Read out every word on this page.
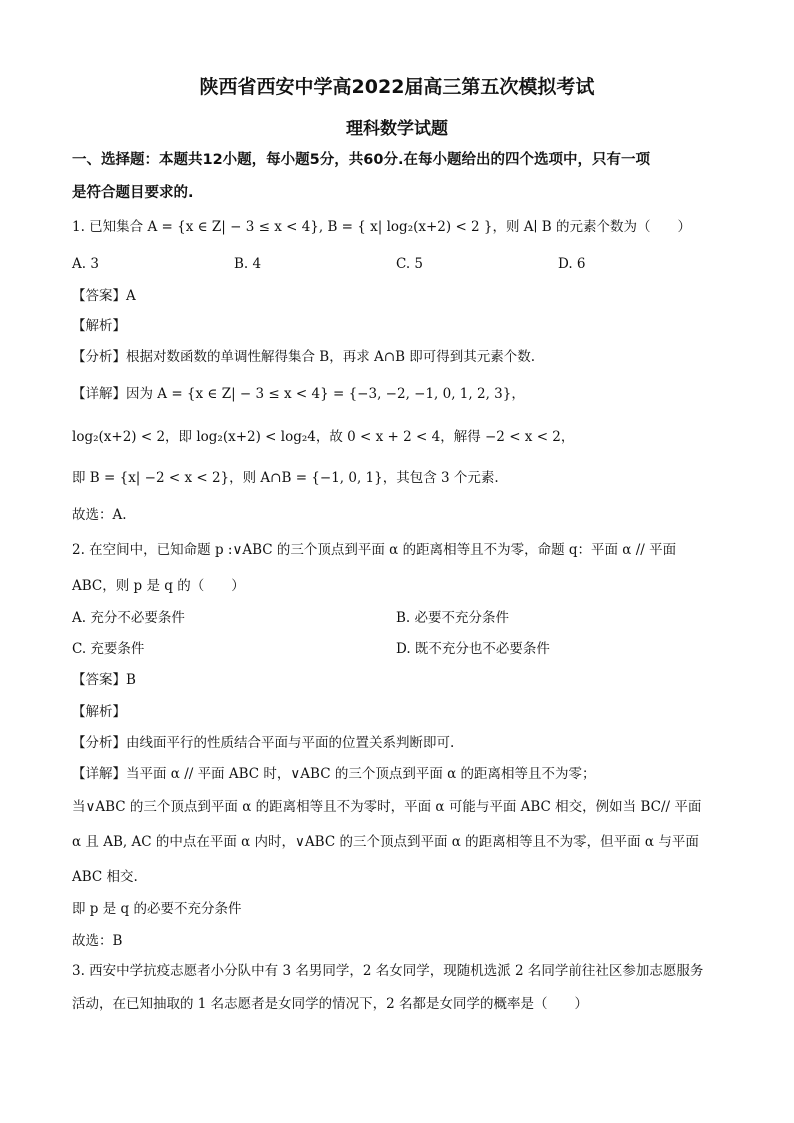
陕西省西安中学高2022届高三第五次模拟考试
理科数学试题
一、选择题：本题共12小题，每小题5分，共60分.在每小题给出的四个选项中，只有一项
是符合题目要求的.
1. 已知集合 A = {x ∈ Z| − 3 ≤ x < 4}, B = { x| log₂(x+2) < 2 }，则 A∣ B 的元素个数为（　　）
A. 3	B. 4	C. 5	D. 6
【答案】A
【解析】
【分析】根据对数函数的单调性解得集合 B，再求 A∩B 即可得到其元素个数.
【详解】因为 A = {x ∈ Z| − 3 ≤ x < 4} = {−3, −2, −1, 0, 1, 2, 3}，
log₂(x+2) < 2，即 log₂(x+2) < log₂4，故 0 < x + 2 < 4，解得 −2 < x < 2，
即 B = {x| −2 < x < 2}，则 A∩B = {−1, 0, 1}，其包含 3 个元素.
故选：A.
2. 在空间中，已知命题 p :∨ABC 的三个顶点到平面 α 的距离相等且不为零，命题 q：平面 α // 平面
ABC，则 p 是 q 的（　　）
A. 充分不必要条件	B. 必要不充分条件
C. 充要条件	D. 既不充分也不必要条件
【答案】B
【解析】
【分析】由线面平行的性质结合平面与平面的位置关系判断即可.
【详解】当平面 α // 平面 ABC 时，∨ABC 的三个顶点到平面 α 的距离相等且不为零；
当∨ABC 的三个顶点到平面 α 的距离相等且不为零时，平面 α 可能与平面 ABC 相交，例如当 BC// 平面
α 且 AB, AC 的中点在平面 α 内时，∨ABC 的三个顶点到平面 α 的距离相等且不为零，但平面 α 与平面
ABC 相交.
即 p 是 q 的必要不充分条件
故选：B
3. 西安中学抗疫志愿者小分队中有 3 名男同学，2 名女同学，现随机选派 2 名同学前往社区参加志愿服务
活动，在已知抽取的 1 名志愿者是女同学的情况下，2 名都是女同学的概率是（　　）
